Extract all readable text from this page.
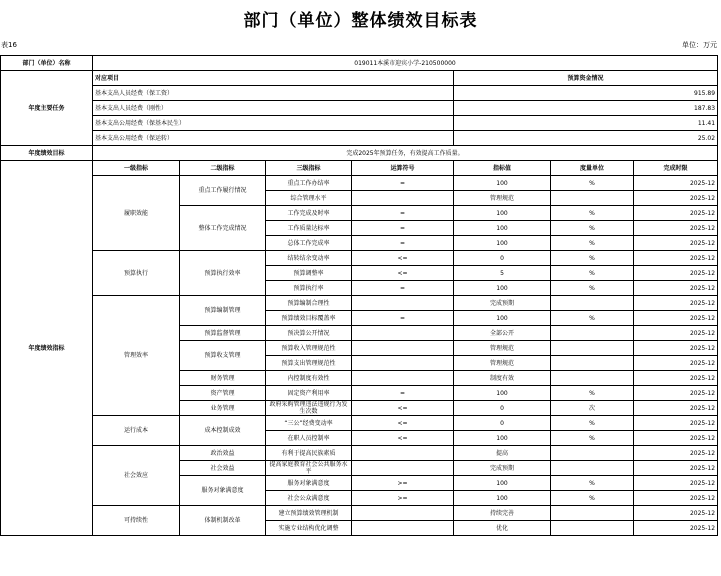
部门（单位）整体绩效目标表
表16	单位：万元
部门（单位）名称	019011本溪市迎宾小学-210500000						
年度主要任务	对应项目				预算资金情况		
	基本支出人员经费（保工资）				915.89		
	基本支出人员经费（刚性）				187.83		
	基本支出公用经费（保基本民生）				11.41		
	基本支出公用经费（保运转）				25.02		
年度绩效目标	完成2025年预算任务，有效提高工作质量。						
年度绩效指标	一级指标	二级指标	三级指标	运算符号	指标值	度量单位	完成时限
	履职效能	重点工作履行情况	重点工作办结率	=	100	%	2025-12
			综合管理水平		管理规范		2025-12
		整体工作完成情况	工作完成及时率	=	100	%	2025-12
			工作质量达标率	=	100	%	2025-12
			总体工作完成率	=	100	%	2025-12
	预算执行	预算执行效率	结转结余变动率	<=	0	%	2025-12
			预算调整率	<=	5	%	2025-12
			预算执行率	=	100	%	2025-12
	管理效率	预算编制管理	预算编制合理性		完成预期		2025-12
			预算绩效目标覆盖率	=	100	%	2025-12
		预算监督管理	预决算公开情况		全部公开		2025-12
		预算收支管理	预算收入管理规范性		管理规范		2025-12
			预算支出管理规范性		管理规范		2025-12
		财务管理	内控制度有效性		制度有效		2025-12
		资产管理	固定资产利用率	=	100	%	2025-12
		业务管理	政府采购管理违法违规行为发生次数	<=	0	次	2025-12
	运行成本	成本控制成效	“三公”经费变动率	<=	0	%	2025-12
			在职人员控制率	<=	100	%	2025-12
	社会效应	政治效益	有利于提高民族素质		提高		2025-12
		社会效益	提高家庭教育社会公共服务水平		完成预期		2025-12
		服务对象满意度	服务对象满意度	>=	100	%	2025-12
			社会公众满意度	>=	100	%	2025-12
	可持续性	体制机制改革	建立预算绩效管理机制		持续完善		2025-12
			实施专业结构优化调整		优化		2025-12
